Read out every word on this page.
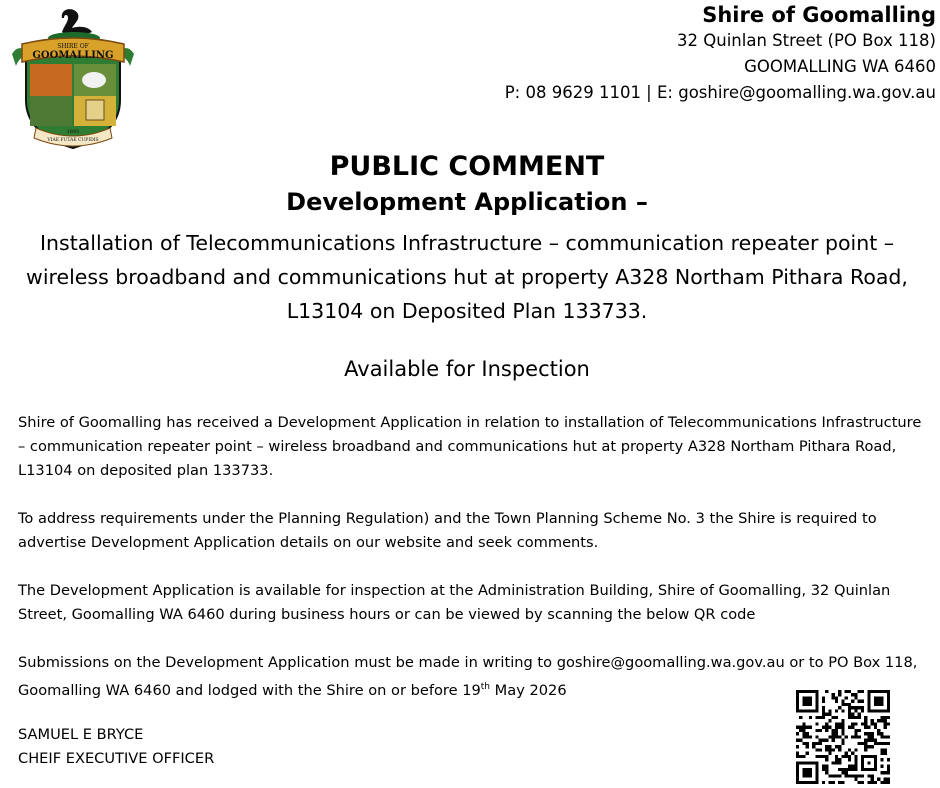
SHIRE OF
GOOMALLING
1895
VIAE FUTAE CUPIDIS
Shire of Goomalling
32 Quinlan Street (PO Box 118)
GOOMALLING WA 6460
P: 08 9629 1101 | E: goshire@goomalling.wa.gov.au
PUBLIC COMMENT
Development Application –
Installation of Telecommunications Infrastructure – communication repeater point – wireless broadband and communications hut at property A328 Northam Pithara Road, L13104 on Deposited Plan 133733.
Available for Inspection
Shire of Goomalling has received a Development Application in relation to installation of Telecommunications Infrastructure – communication repeater point – wireless broadband and communications hut at property A328 Northam Pithara Road, L13104 on deposited plan 133733.
To address requirements under the Planning Regulation) and the Town Planning Scheme No. 3 the Shire is required to advertise Development Application details on our website and seek comments.
The Development Application is available for inspection at the Administration Building, Shire of Goomalling, 32 Quinlan Street, Goomalling WA 6460 during business hours or can be viewed by scanning the below QR code
Submissions on the Development Application must be made in writing to goshire@goomalling.wa.gov.au or to PO Box 118, Goomalling WA 6460 and lodged with the Shire on or before 19th May 2026
SAMUEL E BRYCE
CHEIF EXECUTIVE OFFICER
